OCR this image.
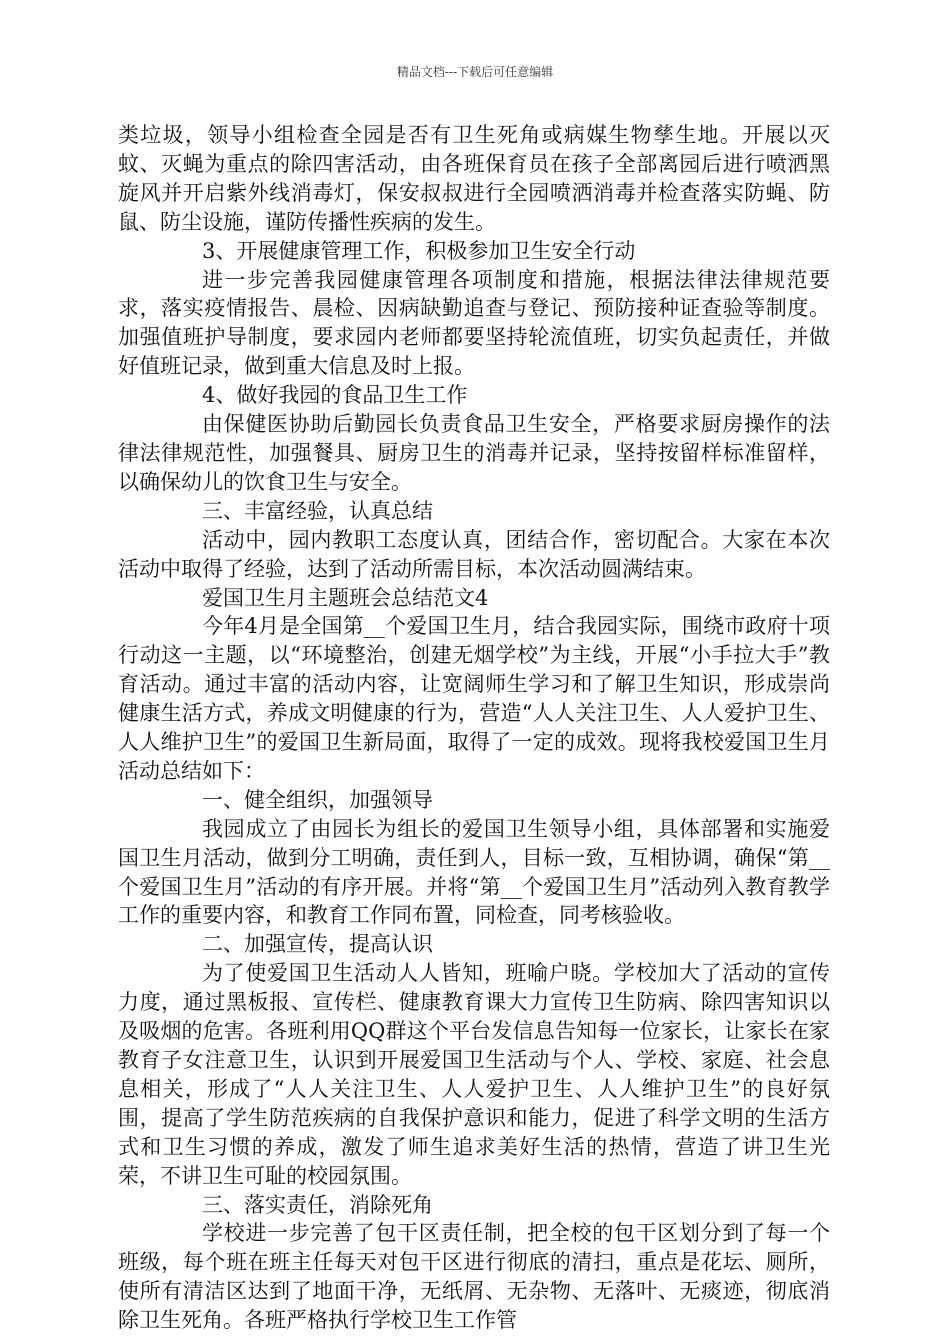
精品文档---下载后可任意编辑

类垃圾，领导小组检查全园是否有卫生死角或病媒生物孳生地。开展以灭蚊、灭蝇为重点的除四害活动，由各班保育员在孩子全部离园后进行喷洒黑旋风并开启紫外线消毒灯，保安叔叔进行全园喷洒消毒并检查落实防蝇、防鼠、防尘设施，谨防传播性疾病的发生。

3、开展健康管理工作，积极参加卫生安全行动

进一步完善我园健康管理各项制度和措施，根据法律法律规范要求，落实疫情报告、晨检、因病缺勤追查与登记、预防接种证查验等制度。加强值班护导制度，要求园内老师都要坚持轮流值班，切实负起责任，并做好值班记录，做到重大信息及时上报。

4、做好我园的食品卫生工作

由保健医协助后勤园长负责食品卫生安全，严格要求厨房操作的法律法律规范性，加强餐具、厨房卫生的消毒并记录，坚持按留样标准留样，以确保幼儿的饮食卫生与安全。

三、丰富经验，认真总结

活动中，园内教职工态度认真，团结合作，密切配合。大家在本次活动中取得了经验，达到了活动所需目标，本次活动圆满结束。

爱国卫生月主题班会总结范文4

今年4月是全国第__个爱国卫生月，结合我园实际，围绕市政府十项行动这一主题，以“环境整治，创建无烟学校”为主线，开展“小手拉大手”教育活动。通过丰富的活动内容，让宽阔师生学习和了解卫生知识，形成崇尚健康生活方式，养成文明健康的行为，营造“人人关注卫生、人人爱护卫生、人人维护卫生”的爱国卫生新局面，取得了一定的成效。现将我校爱国卫生月活动总结如下：

一、健全组织，加强领导

我园成立了由园长为组长的爱国卫生领导小组，具体部署和实施爱国卫生月活动，做到分工明确，责任到人，目标一致，互相协调，确保“第__个爱国卫生月”活动的有序开展。并将“第__个爱国卫生月”活动列入教育教学工作的重要内容，和教育工作同布置，同检查，同考核验收。

二、加强宣传，提高认识

为了使爱国卫生活动人人皆知，班喻户晓。学校加大了活动的宣传力度，通过黑板报、宣传栏、健康教育课大力宣传卫生防病、除四害知识以及吸烟的危害。各班利用QQ群这个平台发信息告知每一位家长，让家长在家教育子女注意卫生，认识到开展爱国卫生活动与个人、学校、家庭、社会息息相关，形成了“人人关注卫生、人人爱护卫生、人人维护卫生”的良好氛围，提高了学生防范疾病的自我保护意识和能力，促进了科学文明的生活方式和卫生习惯的养成，激发了师生追求美好生活的热情，营造了讲卫生光荣，不讲卫生可耻的校园氛围。

三、落实责任，消除死角

学校进一步完善了包干区责任制，把全校的包干区划分到了每一个班级，每个班在班主任每天对包干区进行彻底的清扫，重点是花坛、厕所，使所有清洁区达到了地面干净，无纸屑、无杂物、无落叶、无痰迹，彻底消除卫生死角。各班严格执行学校卫生工作管
